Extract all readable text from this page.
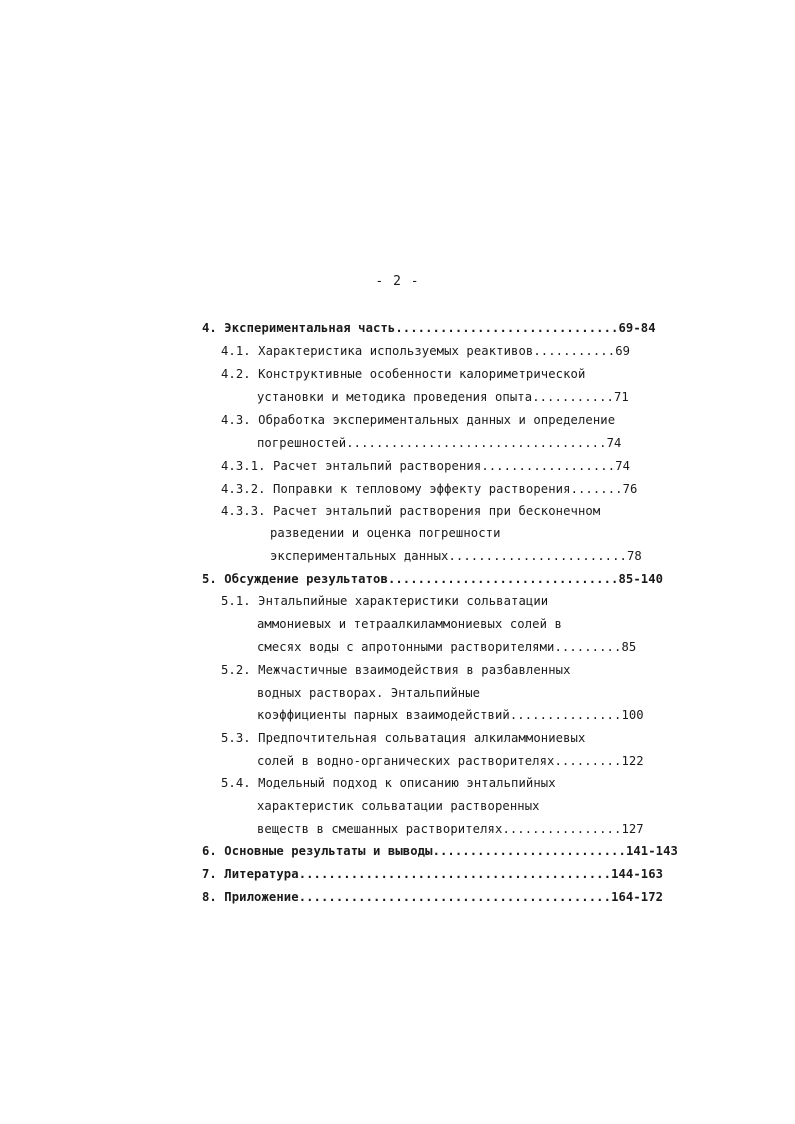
- 2 -
4. Экспериментальная часть..............................69-84
4.1. Характеристика используемых реактивов...........69
4.2. Конструктивные особенности калориметрической
установки и методика проведения опыта...........71
4.3. Обработка экспериментальных данных и определение
погрешностей...................................74
4.3.1. Расчет энтальпий растворения..................74
4.3.2. Поправки к тепловому эффекту растворения.......76
4.3.3. Расчет энтальпий растворения при бесконечном
разведении и оценка погрешности
экспериментальных данных........................78
5. Обсуждение результатов...............................85-140
5.1. Энтальпийные характеристики сольватации
аммониевых и тетраалкиламмониевых солей в
смесях воды с апротонными растворителями.........85
5.2. Межчастичные взаимодействия в разбавленных
водных растворах. Энтальпийные
коэффициенты парных взаимодействий...............100
5.3. Предпочтительная сольватация алкиламмониевых
солей в водно-органических растворителях.........122
5.4. Модельный подход к описанию энтальпийных
характеристик сольватации растворенных
веществ в смешанных растворителях................127
6. Основные результаты и выводы..........................141-143
7. Литература..........................................144-163
8. Приложение..........................................164-172
